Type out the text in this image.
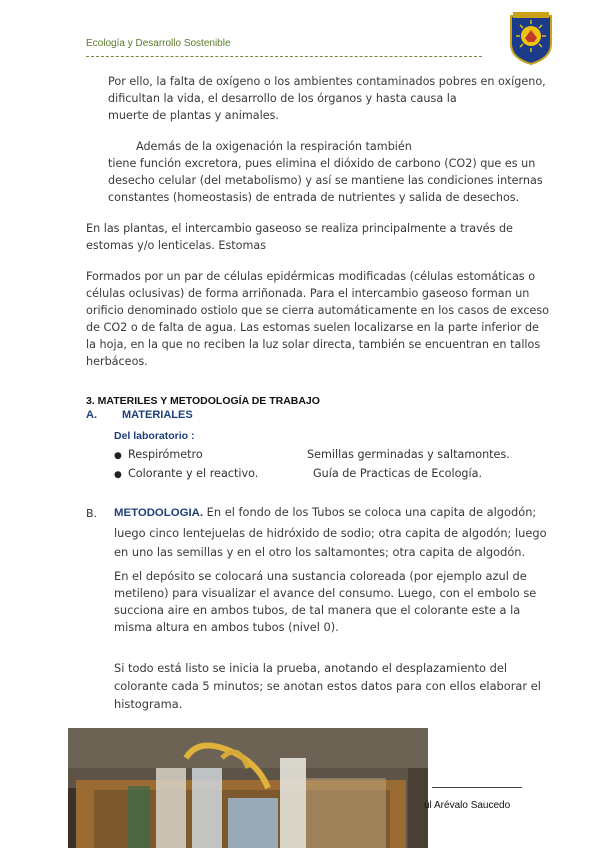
Ecología y Desarrollo Sostenible

Por ello, la falta de oxígeno o los ambientes contaminados pobres en oxígeno,

dificultan la vida, el desarrollo de los órganos y hasta causa la

muerte de plantas y animales.

Además de la oxigenación la respiración también

tiene función excretora, pues elimina el dióxido de carbono (CO2) que es un

desecho celular (del metabolismo) y así se mantiene las condiciones internas

constantes (homeostasis) de entrada de nutrientes y salida de desechos.

En las plantas, el intercambio gaseoso se realiza principalmente a través de

estomas y/o lenticelas. Estomas

Formados por un par de células epidérmicas modificadas (células estomáticas o

células oclusivas) de forma arriñonada. Para el intercambio gaseoso forman un

orificio denominado ostiolo que se cierra automáticamente en los casos de exceso

de CO2 o de falta de agua. Las estomas suelen localizarse en la parte inferior de

la hoja, en la que no reciben la luz solar directa, también se encuentran en tallos

herbáceos.

3. MATERILES Y METODOLOGÍA DE TRABAJO
A. MATERIALES
Del laboratorio :
● Respirómetro	Semillas germinadas y saltamontes.
● Colorante y el reactivo.	Guía de Practicas de Ecología.
B. METODOLOGIA. En el fondo de los Tubos se coloca una capita de algodón;

luego cinco lentejuelas de hidróxido de sodio; otra capita de algodón; luego

en uno las semillas y en el otro los saltamontes; otra capita de algodón.

En el depósito se colocará una sustancia coloreada (por ejemplo azul de

metileno) para visualizar el avance del consumo. Luego, con el embolo se

succiona aire en ambos tubos, de tal manera que el colorante este a la

misma altura en ambos tubos (nivel 0).

Si todo está listo se inicia la prueba, anotando el desplazamiento del

colorante cada 5 minutos; se anotan estos datos para con ellos elaborar el

histograma.

úl Arévalo Saucedo
